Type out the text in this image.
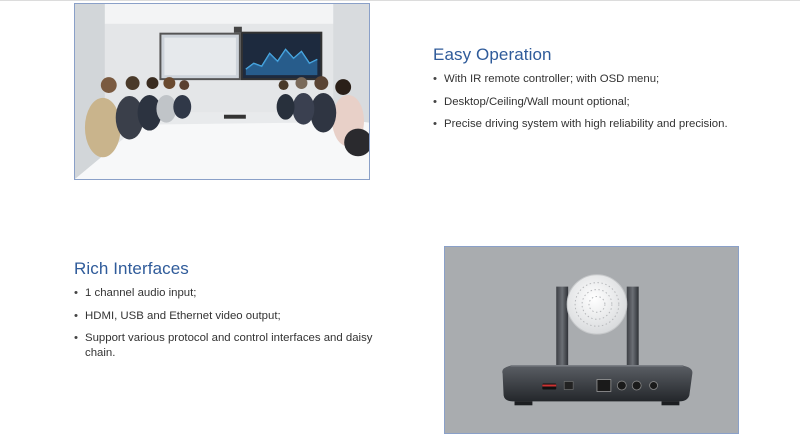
Easy Operation
• With IR remote controller; with OSD menu;
• Desktop/Ceiling/Wall mount optional;
• Precise driving system with high reliability and precision.
Rich Interfaces
• 1 channel audio input;
• HDMI, USB and Ethernet video output;
• Support various protocol and control interfaces and daisy chain.
